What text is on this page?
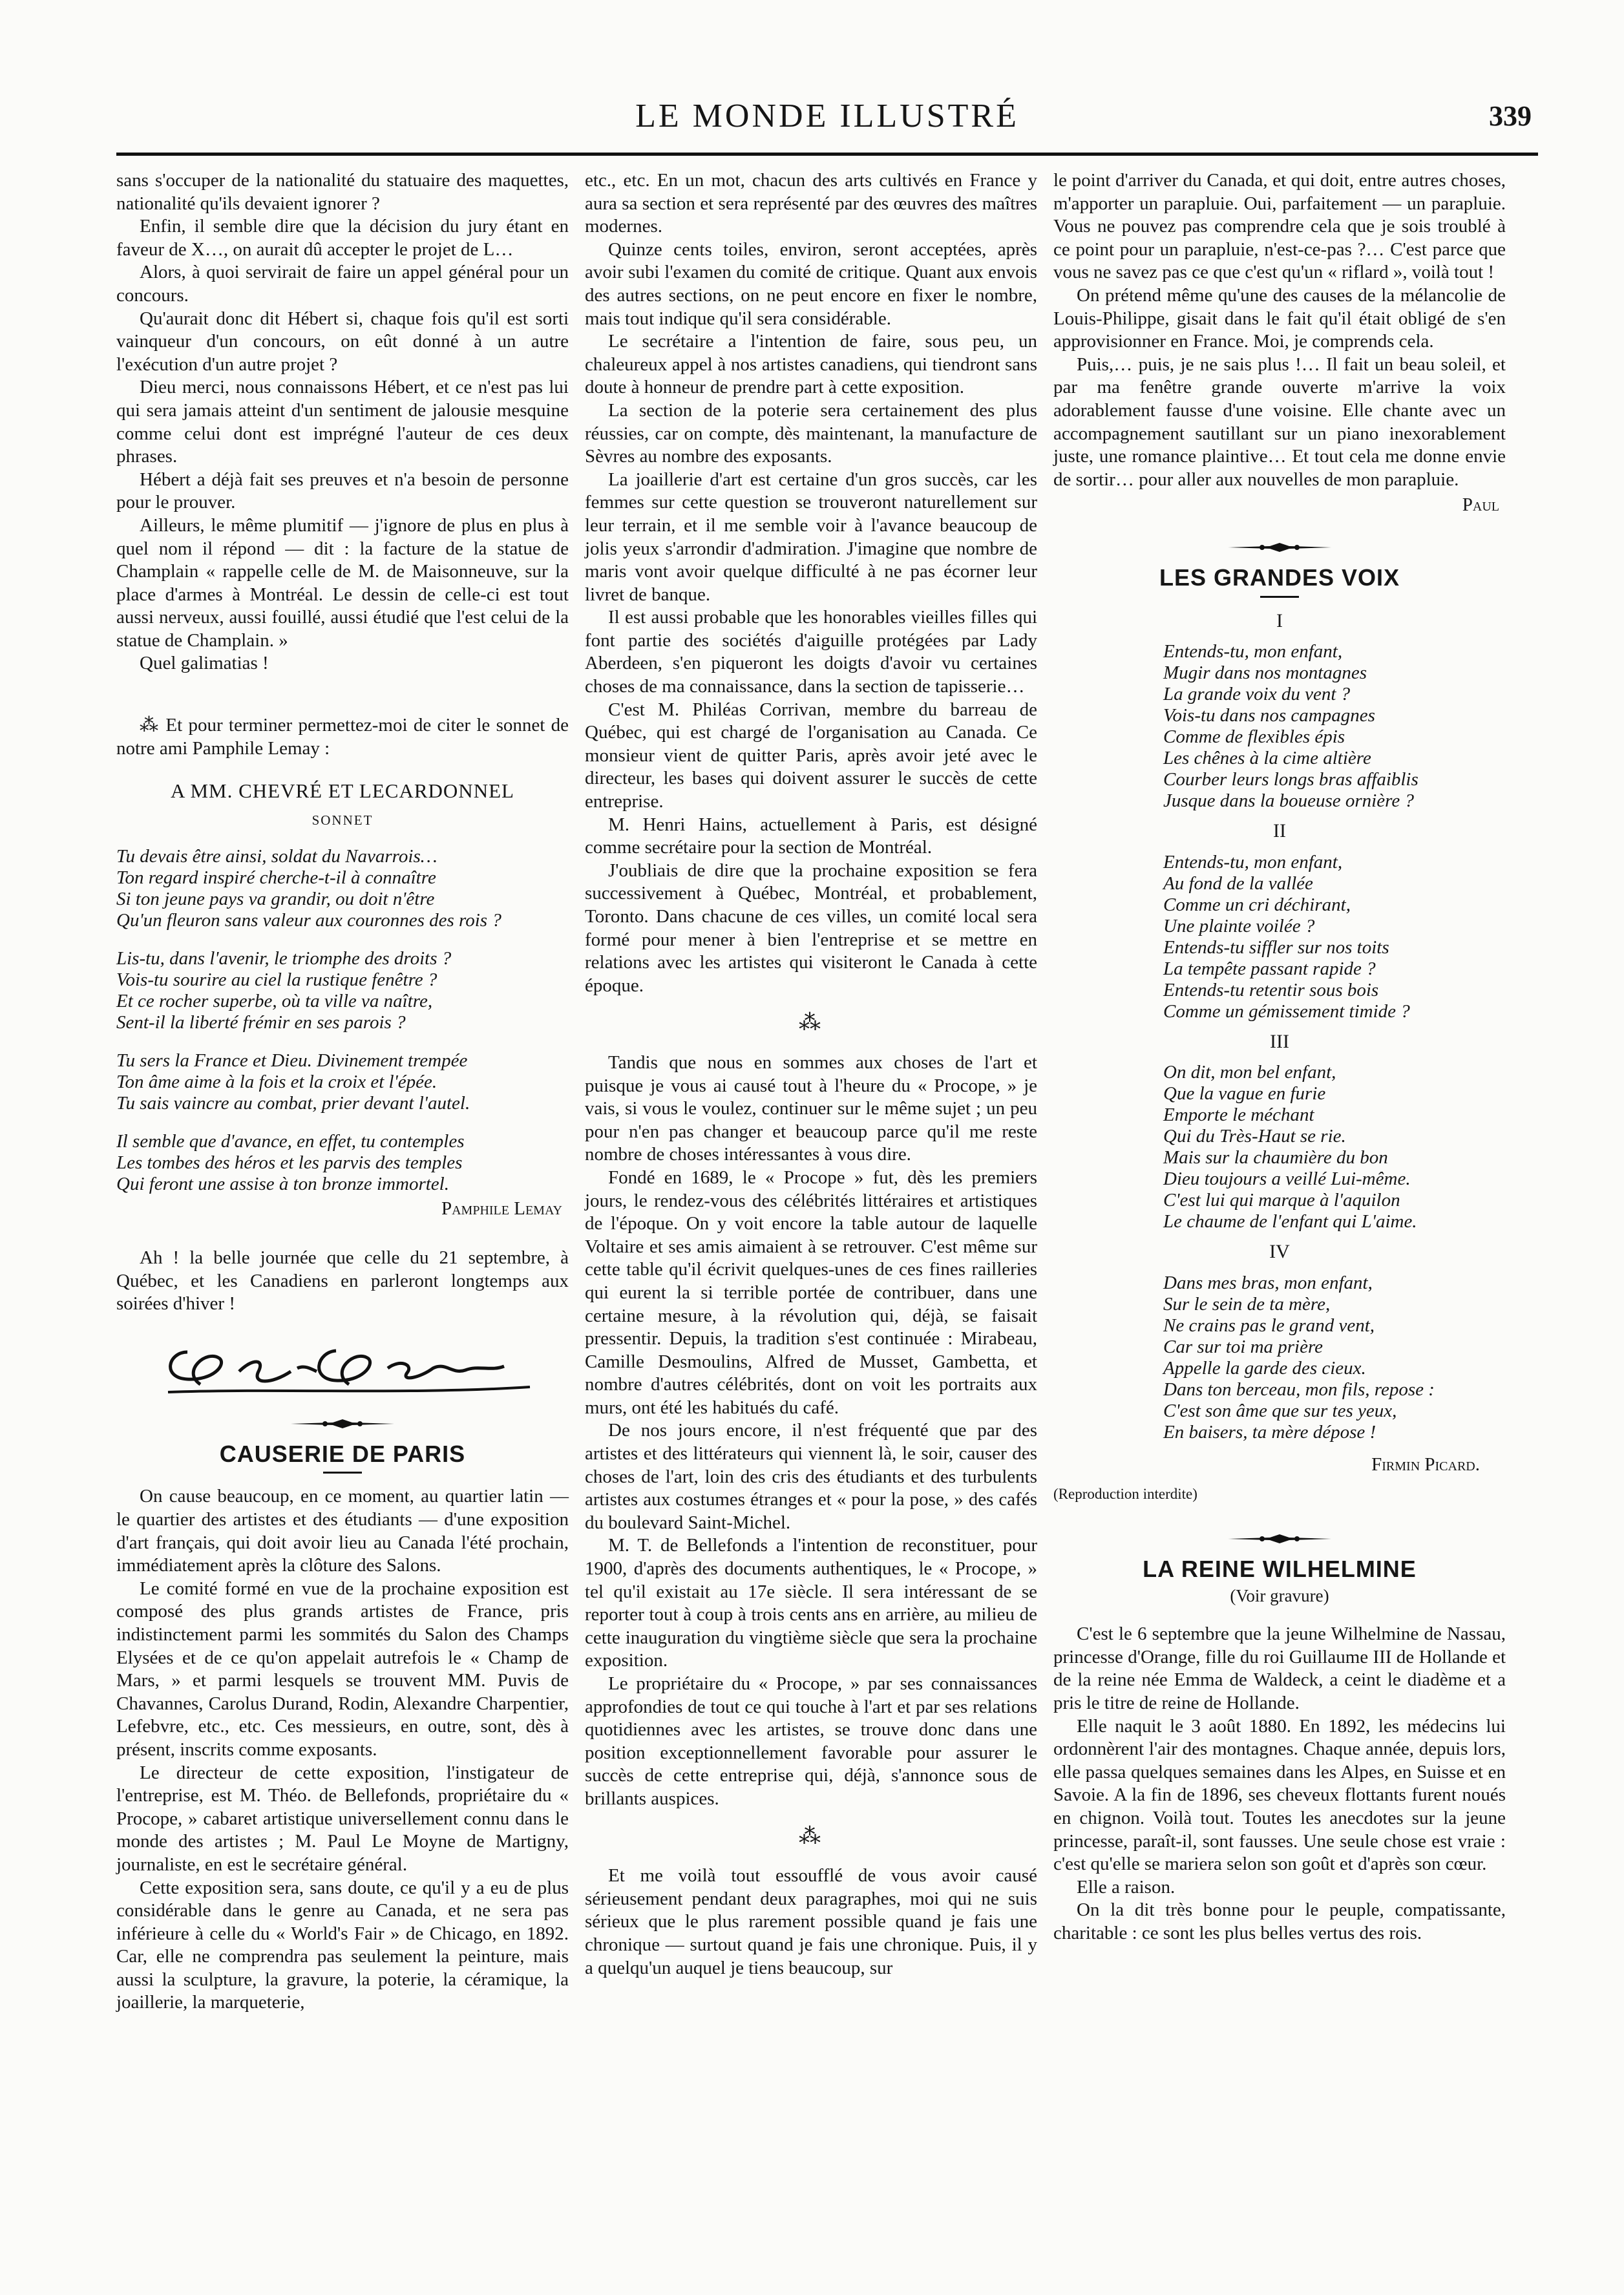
LE MONDE ILLUSTRÉ	339

sans s'occuper de la nationalité du statuaire des maquettes, nationalité qu'ils devaient ignorer ?

Enfin, il semble dire que la décision du jury étant en faveur de X…, on aurait dû accepter le projet de L…

Alors, à quoi servirait de faire un appel général pour un concours.

Qu'aurait donc dit Hébert si, chaque fois qu'il est sorti vainqueur d'un concours, on eût donné à un autre l'exécution d'un autre projet ?

Dieu merci, nous connaissons Hébert, et ce n'est pas lui qui sera jamais atteint d'un sentiment de jalousie mesquine comme celui dont est imprégné l'auteur de ces deux phrases.

Hébert a déjà fait ses preuves et n'a besoin de personne pour le prouver.

Ailleurs, le même plumitif — j'ignore de plus en plus à quel nom il répond — dit : la facture de la statue de Champlain « rappelle celle de M. de Maisonneuve, sur la place d'armes à Montréal. Le dessin de celle-ci est tout aussi nerveux, aussi fouillé, aussi étudié que l'est celui de la statue de Champlain. »

Quel galimatias !

⁂ Et pour terminer permettez-moi de citer le sonnet de notre ami Pamphile Lemay :

A MM. CHEVRÉ ET LECARDONNEL
SONNET
Tu devais être ainsi, soldat du Navarrois…
Ton regard inspiré cherche-t-il à connaître
Si ton jeune pays va grandir, ou doit n'être
Qu'un fleuron sans valeur aux couronnes des rois ?
Lis-tu, dans l'avenir, le triomphe des droits ?
Vois-tu sourire au ciel la rustique fenêtre ?
Et ce rocher superbe, où ta ville va naître,
Sent-il la liberté frémir en ses parois ?
Tu sers la France et Dieu. Divinement trempée
Ton âme aime à la fois et la croix et l'épée.
Tu sais vaincre au combat, prier devant l'autel.
Il semble que d'avance, en effet, tu contemples
Les tombes des héros et les parvis des temples
Qui feront une assise à ton bronze immortel.
Pamphile Lemay

Ah ! la belle journée que celle du 21 septembre, à Québec, et les Canadiens en parleront longtemps aux soirées d'hiver !

CAUSERIE DE PARIS

On cause beaucoup, en ce moment, au quartier latin — le quartier des artistes et des étudiants — d'une exposition d'art français, qui doit avoir lieu au Canada l'été prochain, immédiatement après la clôture des Salons.

Le comité formé en vue de la prochaine exposition est composé des plus grands artistes de France, pris indistinctement parmi les sommités du Salon des Champs Elysées et de ce qu'on appelait autrefois le « Champ de Mars, » et parmi lesquels se trouvent MM. Puvis de Chavannes, Carolus Durand, Rodin, Alexandre Charpentier, Lefebvre, etc., etc. Ces messieurs, en outre, sont, dès à présent, inscrits comme exposants.

Le directeur de cette exposition, l'instigateur de l'entreprise, est M. Théo. de Bellefonds, propriétaire du « Procope, » cabaret artistique universellement connu dans le monde des artistes ; M. Paul Le Moyne de Martigny, journaliste, en est le secrétaire général.

Cette exposition sera, sans doute, ce qu'il y a eu de plus considérable dans le genre au Canada, et ne sera pas inférieure à celle du « World's Fair » de Chicago, en 1892. Car, elle ne comprendra pas seulement la peinture, mais aussi la sculpture, la gravure, la poterie, la céramique, la joaillerie, la marqueterie,

etc., etc. En un mot, chacun des arts cultivés en France y aura sa section et sera représenté par des œuvres des maîtres modernes.

Quinze cents toiles, environ, seront acceptées, après avoir subi l'examen du comité de critique. Quant aux envois des autres sections, on ne peut encore en fixer le nombre, mais tout indique qu'il sera considérable.

Le secrétaire a l'intention de faire, sous peu, un chaleureux appel à nos artistes canadiens, qui tiendront sans doute à honneur de prendre part à cette exposition.

La section de la poterie sera certainement des plus réussies, car on compte, dès maintenant, la manufacture de Sèvres au nombre des exposants.

La joaillerie d'art est certaine d'un gros succès, car les femmes sur cette question se trouveront naturellement sur leur terrain, et il me semble voir à l'avance beaucoup de jolis yeux s'arrondir d'admiration. J'imagine que nombre de maris vont avoir quelque difficulté à ne pas écorner leur livret de banque.

Il est aussi probable que les honorables vieilles filles qui font partie des sociétés d'aiguille protégées par Lady Aberdeen, s'en piqueront les doigts d'avoir vu certaines choses de ma connaissance, dans la section de tapisserie…

C'est M. Philéas Corrivan, membre du barreau de Québec, qui est chargé de l'organisation au Canada. Ce monsieur vient de quitter Paris, après avoir jeté avec le directeur, les bases qui doivent assurer le succès de cette entreprise.

M. Henri Hains, actuellement à Paris, est désigné comme secrétaire pour la section de Montréal.

J'oubliais de dire que la prochaine exposition se fera successivement à Québec, Montréal, et probablement, Toronto. Dans chacune de ces villes, un comité local sera formé pour mener à bien l'entreprise et se mettre en relations avec les artistes qui visiteront le Canada à cette époque.

⁂

Tandis que nous en sommes aux choses de l'art et puisque je vous ai causé tout à l'heure du « Procope, » je vais, si vous le voulez, continuer sur le même sujet ; un peu pour n'en pas changer et beaucoup parce qu'il me reste nombre de choses intéressantes à vous dire.

Fondé en 1689, le « Procope » fut, dès les premiers jours, le rendez-vous des célébrités littéraires et artistiques de l'époque. On y voit encore la table autour de laquelle Voltaire et ses amis aimaient à se retrouver. C'est même sur cette table qu'il écrivit quelques-unes de ces fines railleries qui eurent la si terrible portée de contribuer, dans une certaine mesure, à la révolution qui, déjà, se faisait pressentir. Depuis, la tradition s'est continuée : Mirabeau, Camille Desmoulins, Alfred de Musset, Gambetta, et nombre d'autres célébrités, dont on voit les portraits aux murs, ont été les habitués du café.

De nos jours encore, il n'est fréquenté que par des artistes et des littérateurs qui viennent là, le soir, causer des choses de l'art, loin des cris des étudiants et des turbulents artistes aux costumes étranges et « pour la pose, » des cafés du boulevard Saint-Michel.

M. T. de Bellefonds a l'intention de reconstituer, pour 1900, d'après des documents authentiques, le « Procope, » tel qu'il existait au 17e siècle. Il sera intéressant de se reporter tout à coup à trois cents ans en arrière, au milieu de cette inauguration du vingtième siècle que sera la prochaine exposition.

Le propriétaire du « Procope, » par ses connaissances approfondies de tout ce qui touche à l'art et par ses relations quotidiennes avec les artistes, se trouve donc dans une position exceptionnellement favorable pour assurer le succès de cette entreprise qui, déjà, s'annonce sous de brillants auspices.

⁂

Et me voilà tout essoufflé de vous avoir causé sérieusement pendant deux paragraphes, moi qui ne suis sérieux que le plus rarement possible quand je fais une chronique — surtout quand je fais une chronique. Puis, il y a quelqu'un auquel je tiens beaucoup, sur

le point d'arriver du Canada, et qui doit, entre autres choses, m'apporter un parapluie. Oui, parfaitement — un parapluie. Vous ne pouvez pas comprendre cela que je sois troublé à ce point pour un parapluie, n'est-ce-pas ?… C'est parce que vous ne savez pas ce que c'est qu'un « riflard », voilà tout !

On prétend même qu'une des causes de la mélancolie de Louis-Philippe, gisait dans le fait qu'il était obligé de s'en approvisionner en France. Moi, je comprends cela.

Puis,… puis, je ne sais plus !… Il fait un beau soleil, et par ma fenêtre grande ouverte m'arrive la voix adorablement fausse d'une voisine. Elle chante avec un accompagnement sautillant sur un piano inexorablement juste, une romance plaintive… Et tout cela me donne envie de sortir… pour aller aux nouvelles de mon parapluie.

Paul
LES GRANDES VOIX
I
Entends-tu, mon enfant,
Mugir dans nos montagnes
La grande voix du vent ?
Vois-tu dans nos campagnes
Comme de flexibles épis
Les chênes à la cime altière
Courber leurs longs bras affaiblis
Jusque dans la boueuse ornière ?
II
Entends-tu, mon enfant,
Au fond de la vallée
Comme un cri déchirant,
Une plainte voilée ?
Entends-tu siffler sur nos toits
La tempête passant rapide ?
Entends-tu retentir sous bois
Comme un gémissement timide ?
III
On dit, mon bel enfant,
Que la vague en furie
Emporte le méchant
Qui du Très-Haut se rie.
Mais sur la chaumière du bon
Dieu toujours a veillé Lui-même.
C'est lui qui marque à l'aquilon
Le chaume de l'enfant qui L'aime.
IV
Dans mes bras, mon enfant,
Sur le sein de ta mère,
Ne crains pas le grand vent,
Car sur toi ma prière
Appelle la garde des cieux.
Dans ton berceau, mon fils, repose :
C'est son âme que sur tes yeux,
En baisers, ta mère dépose !
Firmin Picard.
(Reproduction interdite)
LA REINE WILHELMINE
(Voir gravure)

C'est le 6 septembre que la jeune Wilhelmine de Nassau, princesse d'Orange, fille du roi Guillaume III de Hollande et de la reine née Emma de Waldeck, a ceint le diadème et a pris le titre de reine de Hollande.

Elle naquit le 3 août 1880. En 1892, les médecins lui ordonnèrent l'air des montagnes. Chaque année, depuis lors, elle passa quelques semaines dans les Alpes, en Suisse et en Savoie. A la fin de 1896, ses cheveux flottants furent noués en chignon. Voilà tout. Toutes les anecdotes sur la jeune princesse, paraît-il, sont fausses. Une seule chose est vraie : c'est qu'elle se mariera selon son goût et d'après son cœur.

Elle a raison.

On la dit très bonne pour le peuple, compatissante, charitable : ce sont les plus belles vertus des rois.
